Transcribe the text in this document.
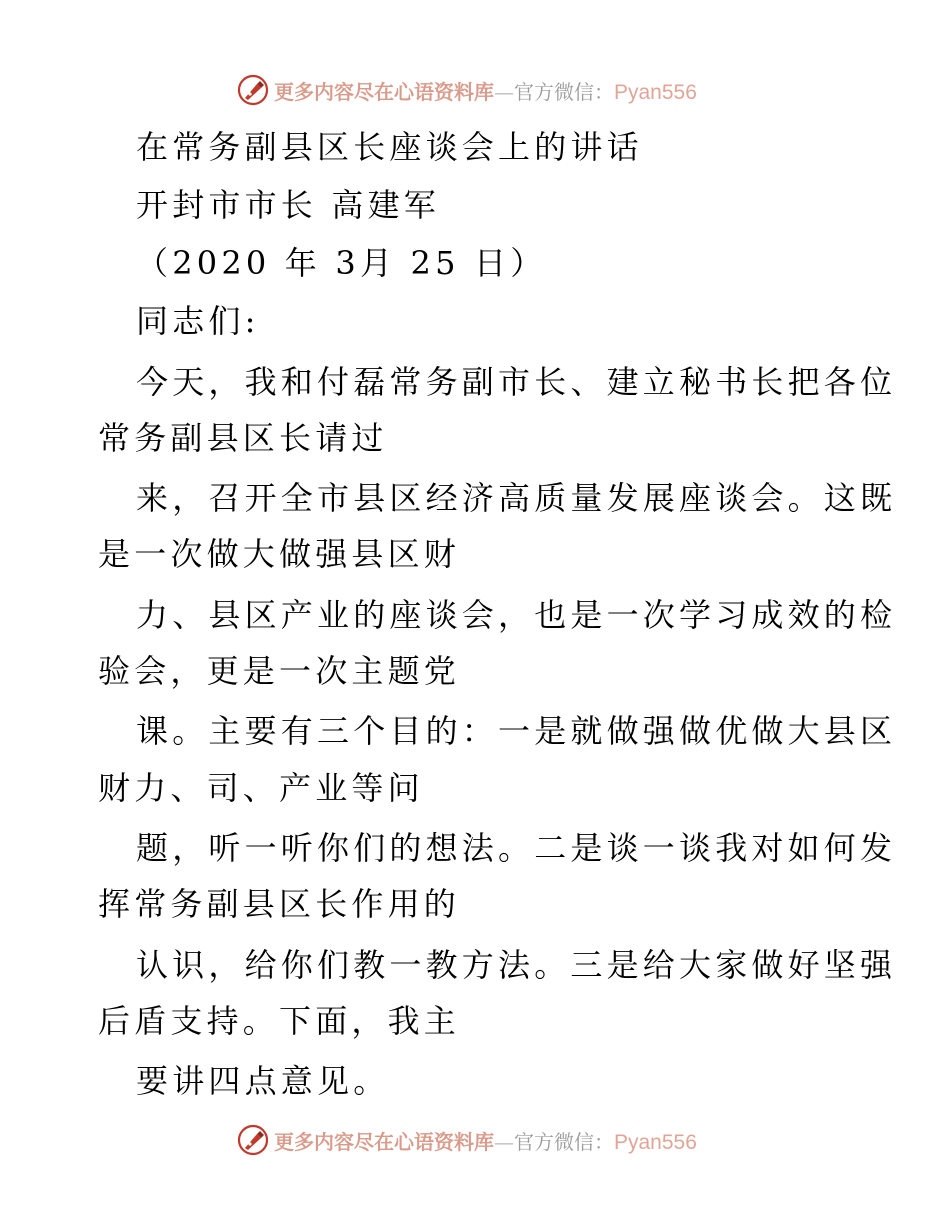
更多内容尽在心语资料库—官方微信：Pyan556
在常务副县区长座谈会上的讲话
开封市市长 高建军
（2020 年 3月 25 日）
同志们:
今天，我和付磊常务副市长、建立秘书长把各位
常务副县区长请过
来，召开全市县区经济高质量发展座谈会。这既
是一次做大做强县区财
力、县区产业的座谈会，也是一次学习成效的检
验会，更是一次主题党
课。主要有三个目的：一是就做强做优做大县区
财力、司、产业等问
题，听一听你们的想法。二是谈一谈我对如何发
挥常务副县区长作用的
认识，给你们教一教方法。三是给大家做好坚强
后盾支持。下面，我主
要讲四点意见。
更多内容尽在心语资料库—官方微信：Pyan556
